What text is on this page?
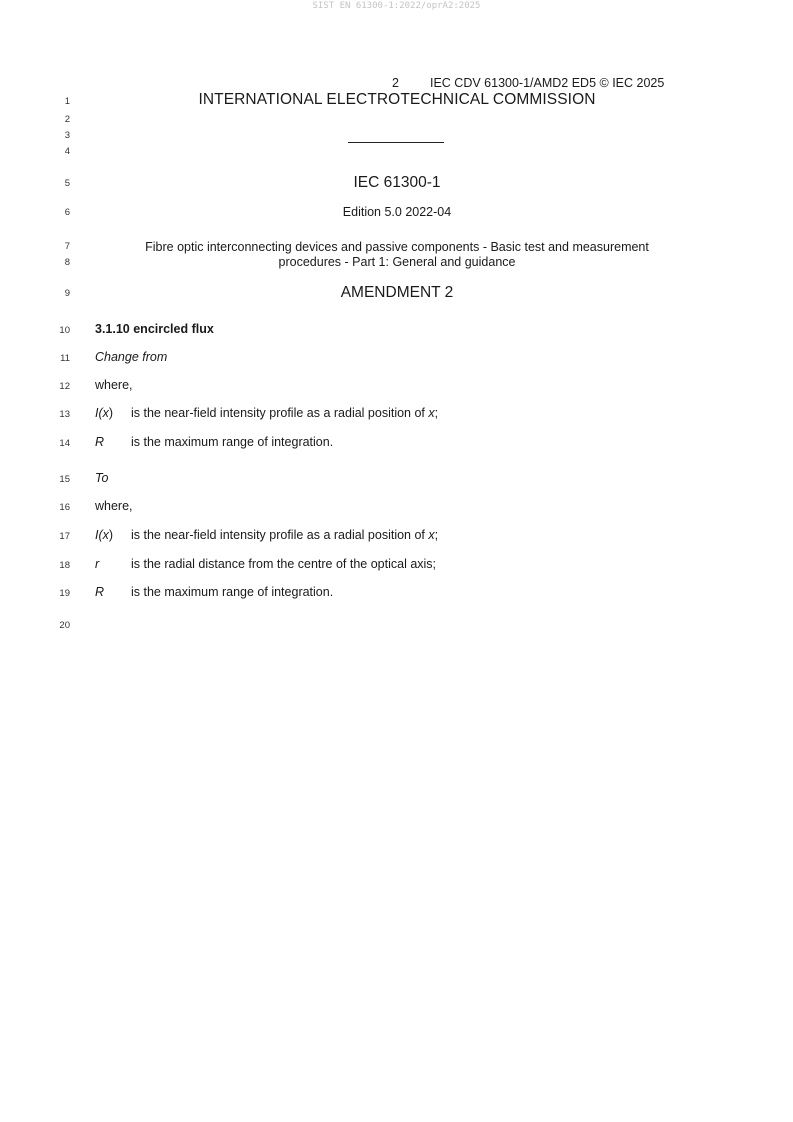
SIST EN 61300-1:2022/oprA2:2025
2 IEC CDV 61300-1/AMD2 ED5 © IEC 2025
1
2
3
4
5
6
7
8
9
10
11
12
13
14
15
16
17
18
19
20
INTERNATIONAL ELECTROTECHNICAL COMMISSION
IEC 61300-1
Edition 5.0 2022-04
Fibre optic interconnecting devices and passive components - Basic test and measurement
procedures - Part 1: General and guidance
AMENDMENT 2
3.1.10 encircled flux
Change from
where,
I(x) is the near-field intensity profile as a radial position of x;
R is the maximum range of integration.
To
where,
I(x) is the near-field intensity profile as a radial position of x;
r	is the radial distance from the centre of the optical axis;
R is the maximum range of integration.
